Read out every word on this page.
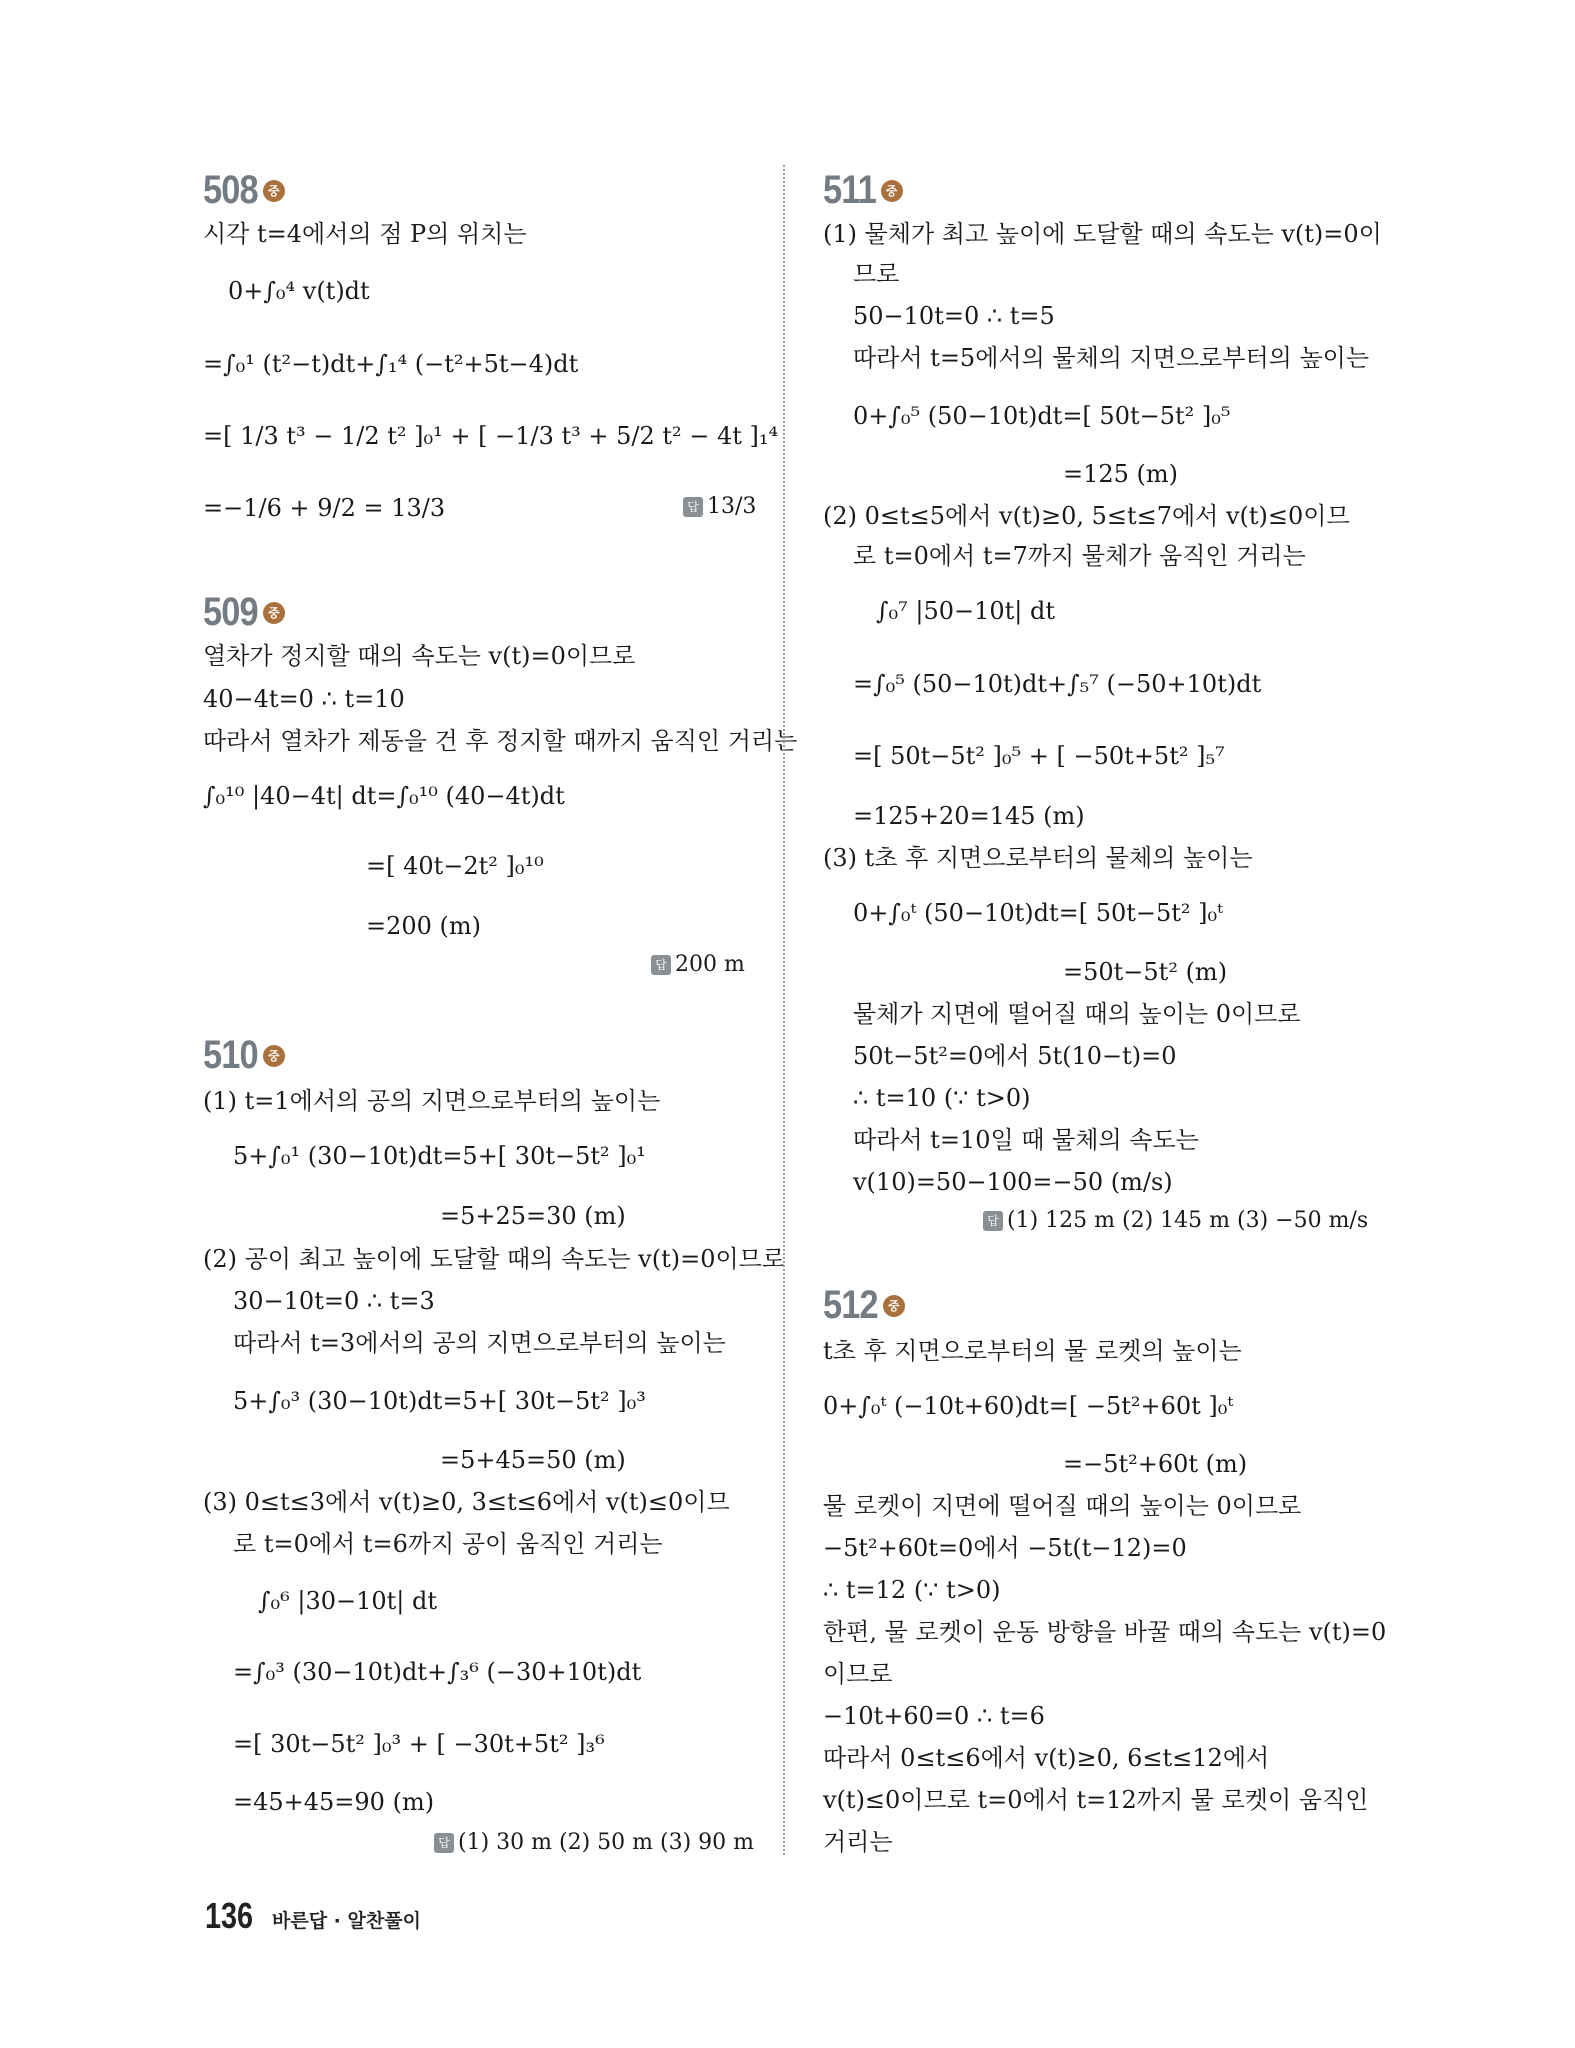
508 중
시각 t=4에서의 점 P의 위치는
0+∫₀⁴ v(t)dt
=∫₀¹ (t²−t)dt+∫₁⁴ (−t²+5t−4)dt
=[ 1/3 t³ − 1/2 t² ]₀¹ + [ −1/3 t³ + 5/2 t² − 4t ]₁⁴
=−1/6 + 9/2 = 13/3	답 13/3
509 중
열차가 정지할 때의 속도는 v(t)=0이므로
40−4t=0 ∴ t=10
따라서 열차가 제동을 건 후 정지할 때까지 움직인 거리는
∫₀¹⁰ |40−4t| dt=∫₀¹⁰ (40−4t)dt
=[ 40t−2t² ]₀¹⁰
=200 (m)
답 200 m
510 중
(1) t=1에서의 공의 지면으로부터의 높이는
5+∫₀¹ (30−10t)dt=5+[ 30t−5t² ]₀¹
=5+25=30 (m)
(2) 공이 최고 높이에 도달할 때의 속도는 v(t)=0이므로
30−10t=0 ∴ t=3
따라서 t=3에서의 공의 지면으로부터의 높이는
5+∫₀³ (30−10t)dt=5+[ 30t−5t² ]₀³
=5+45=50 (m)
(3) 0≤t≤3에서 v(t)≥0, 3≤t≤6에서 v(t)≤0이므
로 t=0에서 t=6까지 공이 움직인 거리는
∫₀⁶ |30−10t| dt
=∫₀³ (30−10t)dt+∫₃⁶ (−30+10t)dt
=[ 30t−5t² ]₀³ + [ −30t+5t² ]₃⁶
=45+45=90 (m)
답 (1) 30 m (2) 50 m (3) 90 m
511 중
(1) 물체가 최고 높이에 도달할 때의 속도는 v(t)=0이
므로
50−10t=0 ∴ t=5
따라서 t=5에서의 물체의 지면으로부터의 높이는
0+∫₀⁵ (50−10t)dt=[ 50t−5t² ]₀⁵
=125 (m)
(2) 0≤t≤5에서 v(t)≥0, 5≤t≤7에서 v(t)≤0이므
로 t=0에서 t=7까지 물체가 움직인 거리는
∫₀⁷ |50−10t| dt
=∫₀⁵ (50−10t)dt+∫₅⁷ (−50+10t)dt
=[ 50t−5t² ]₀⁵ + [ −50t+5t² ]₅⁷
=125+20=145 (m)
(3) t초 후 지면으로부터의 물체의 높이는
0+∫₀ᵗ (50−10t)dt=[ 50t−5t² ]₀ᵗ
=50t−5t² (m)
물체가 지면에 떨어질 때의 높이는 0이므로
50t−5t²=0에서 5t(10−t)=0
∴ t=10 (∵ t>0)
따라서 t=10일 때 물체의 속도는
v(10)=50−100=−50 (m/s)
답 (1) 125 m (2) 145 m (3) −50 m/s
512 중
t초 후 지면으로부터의 물 로켓의 높이는
0+∫₀ᵗ (−10t+60)dt=[ −5t²+60t ]₀ᵗ
=−5t²+60t (m)
물 로켓이 지면에 떨어질 때의 높이는 0이므로
−5t²+60t=0에서 −5t(t−12)=0
∴ t=12 (∵ t>0)
한편, 물 로켓이 운동 방향을 바꿀 때의 속도는 v(t)=0
이므로
−10t+60=0 ∴ t=6
따라서 0≤t≤6에서 v(t)≥0, 6≤t≤12에서
v(t)≤0이므로 t=0에서 t=12까지 물 로켓이 움직인
거리는
136 바른답 · 알찬풀이
